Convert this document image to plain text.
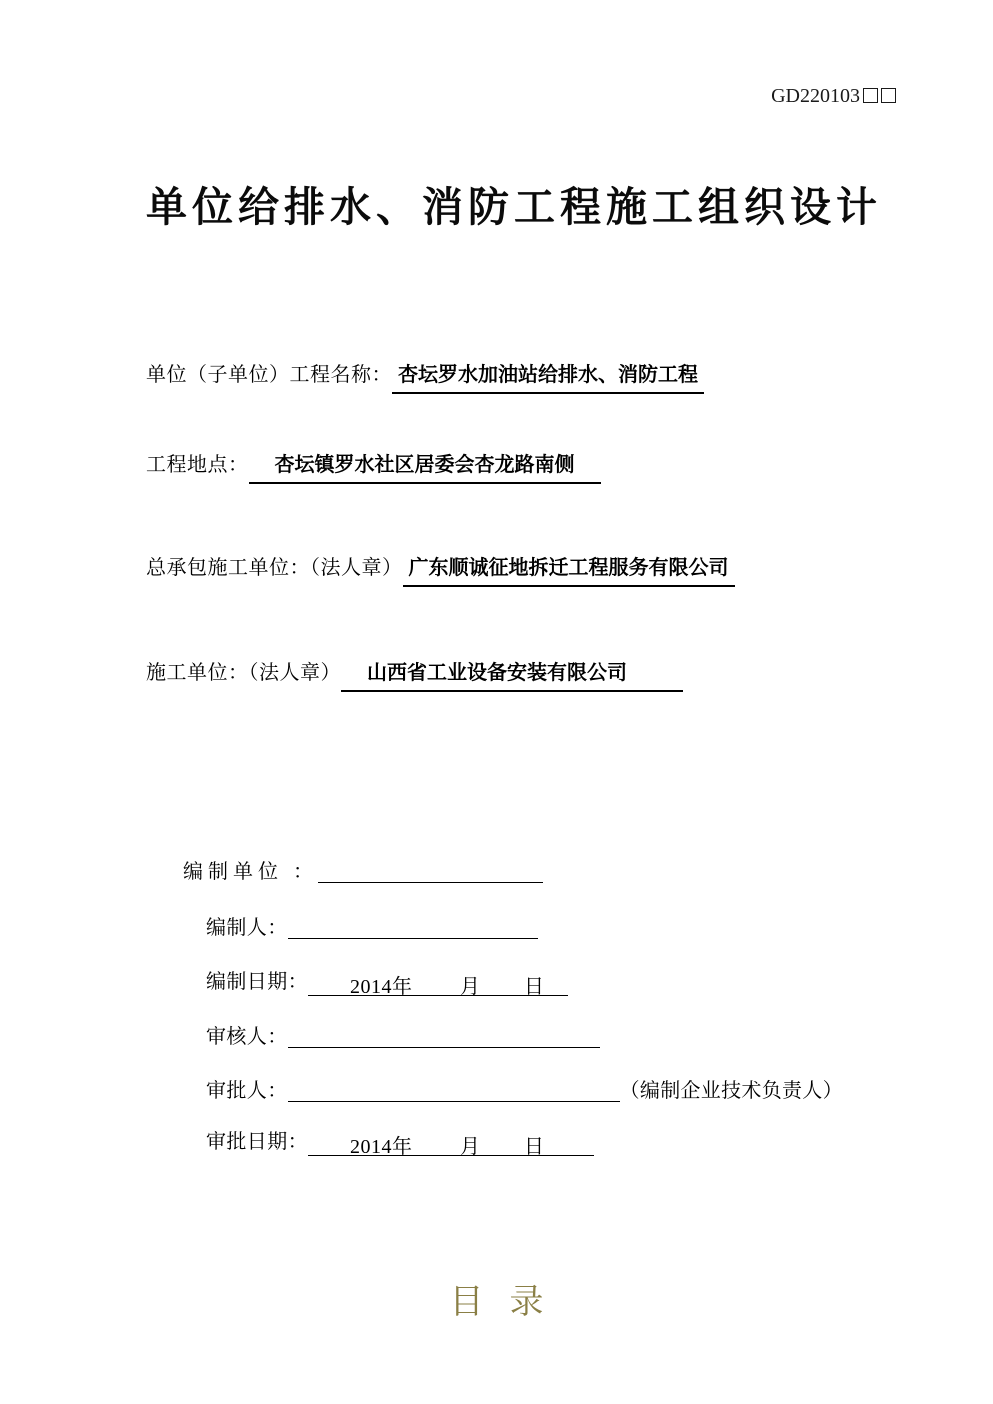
GD220103
单位给排水、消防工程施工组织设计
单位（子单位）工程名称： 杏坛罗水加油站给排水、消防工程
工程地点： 杏坛镇罗水社区居委会杏龙路南侧
总承包施工单位：（法人章） 广东顺诚征地拆迁工程服务有限公司
施工单位：（法人章） 山西省工业设备安装有限公司
编制单位 ：
编制人：
编制日期： 2014年 月 日
审核人：
审批人：	（编制企业技术负责人）
审批日期： 2014年 月 日
目录
